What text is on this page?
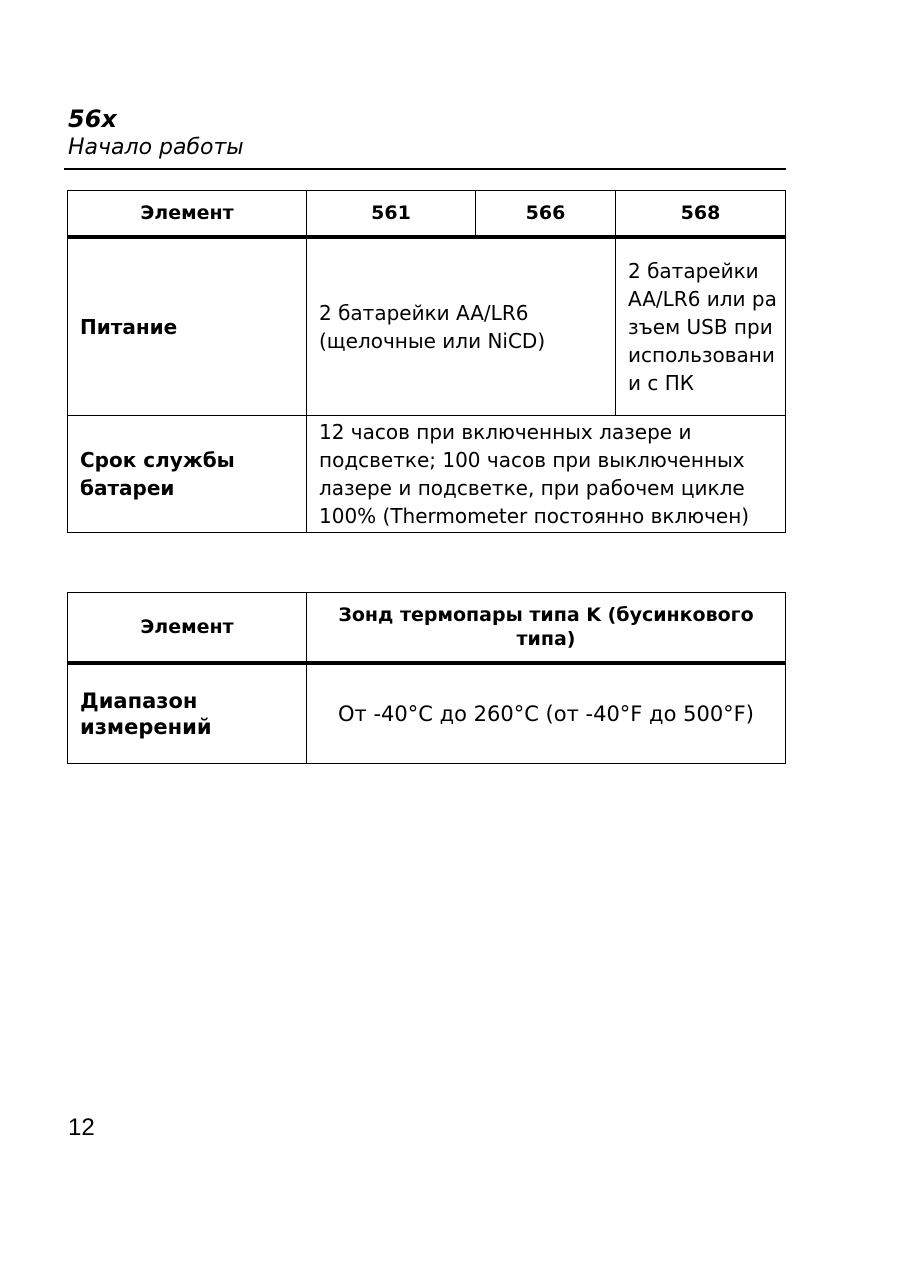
56x
Начало работы
Элемент	561	566	568
Питание	2 батарейки AA/LR6 (щелочные или NiCD)		2 батарейки AA/LR6 или разъем USB при использовании с ПК
Срок службы батареи	12 часов при включенных лазере и подсветке; 100 часов при выключенных лазере и подсветке, при рабочем цикле 100% (Thermometer постоянно включен)		
Элемент	Зонд термопары типа K (бусинкового типа)
Диапазон измерений	От -40°C до 260°C (от -40°F до 500°F)
12
